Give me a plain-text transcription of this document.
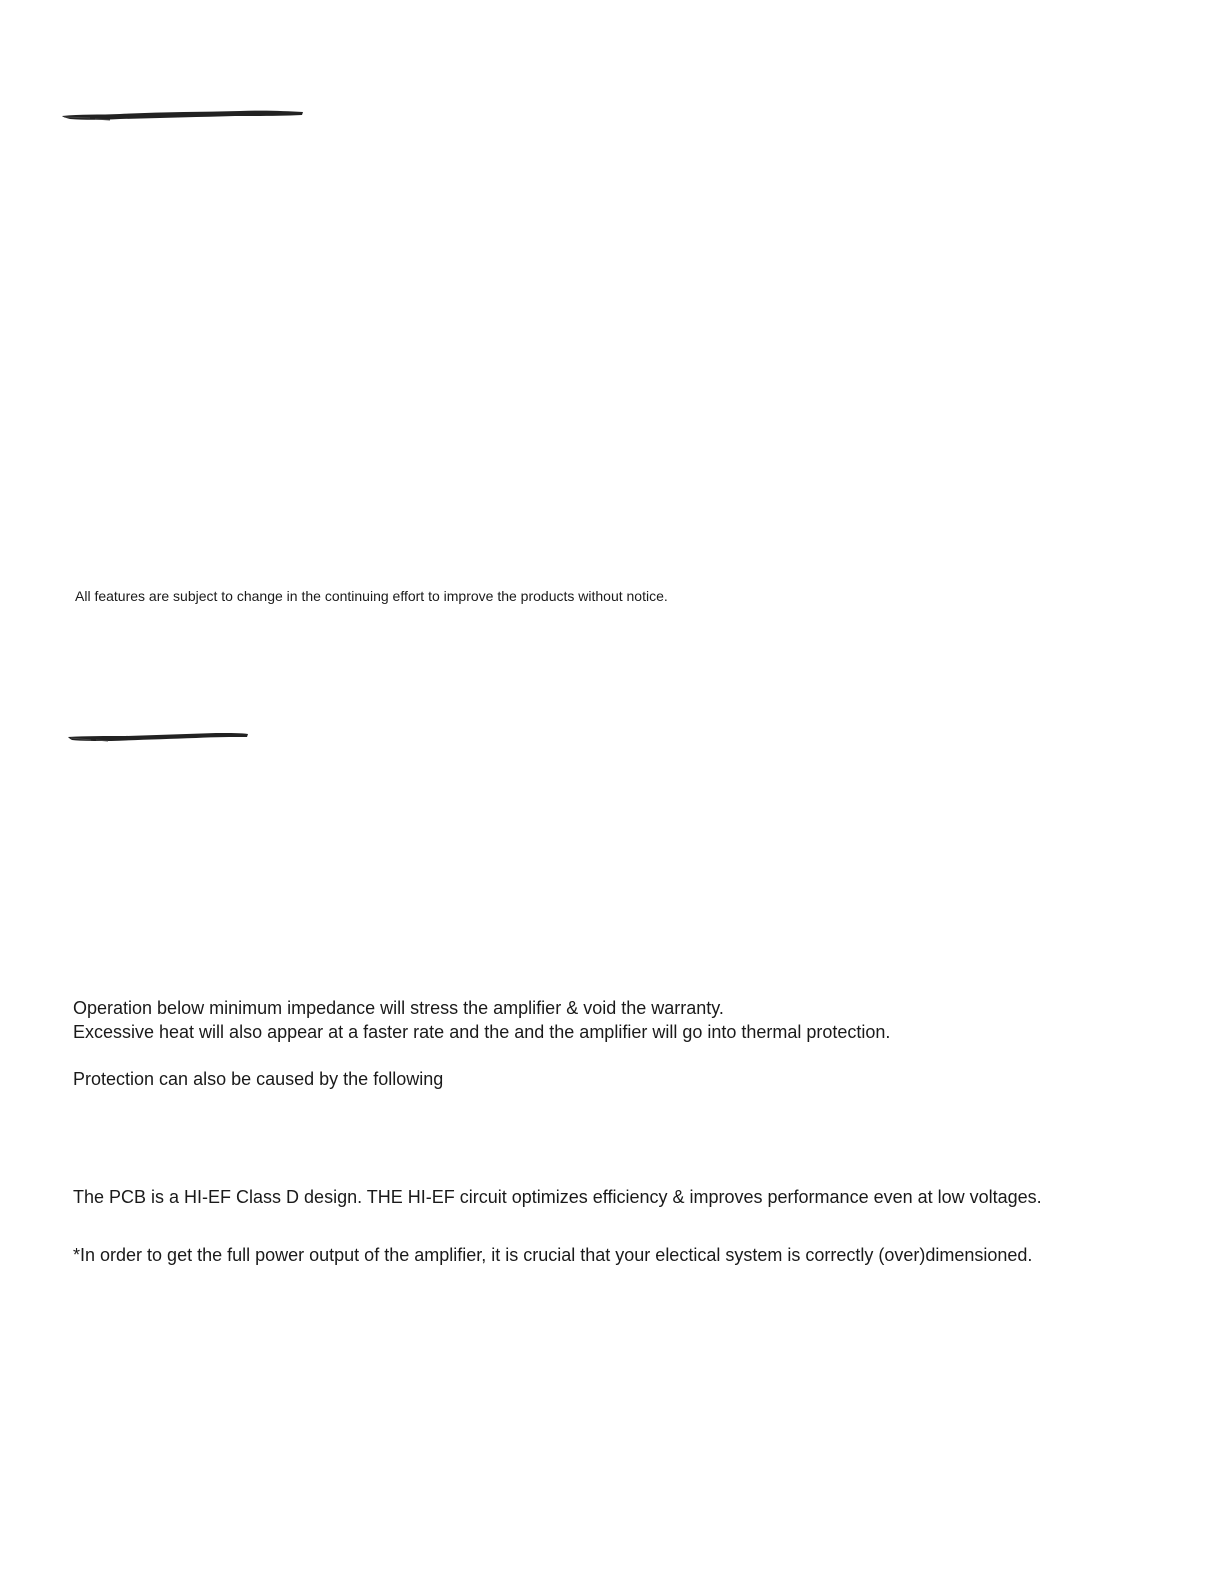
All features are subject to change in the continuing effort to improve the products without notice.
Operation below minimum impedance will stress the amplifier & void the warranty.
Excessive heat will also appear at a faster rate and the and the amplifier will go into thermal protection.
Protection can also be caused by the following
The PCB is a HI-EF Class D design. THE HI-EF circuit optimizes efficiency & improves performance even at low voltages.
*In order to get the full power output of the amplifier, it is crucial that your electical system is correctly (over)dimensioned.
